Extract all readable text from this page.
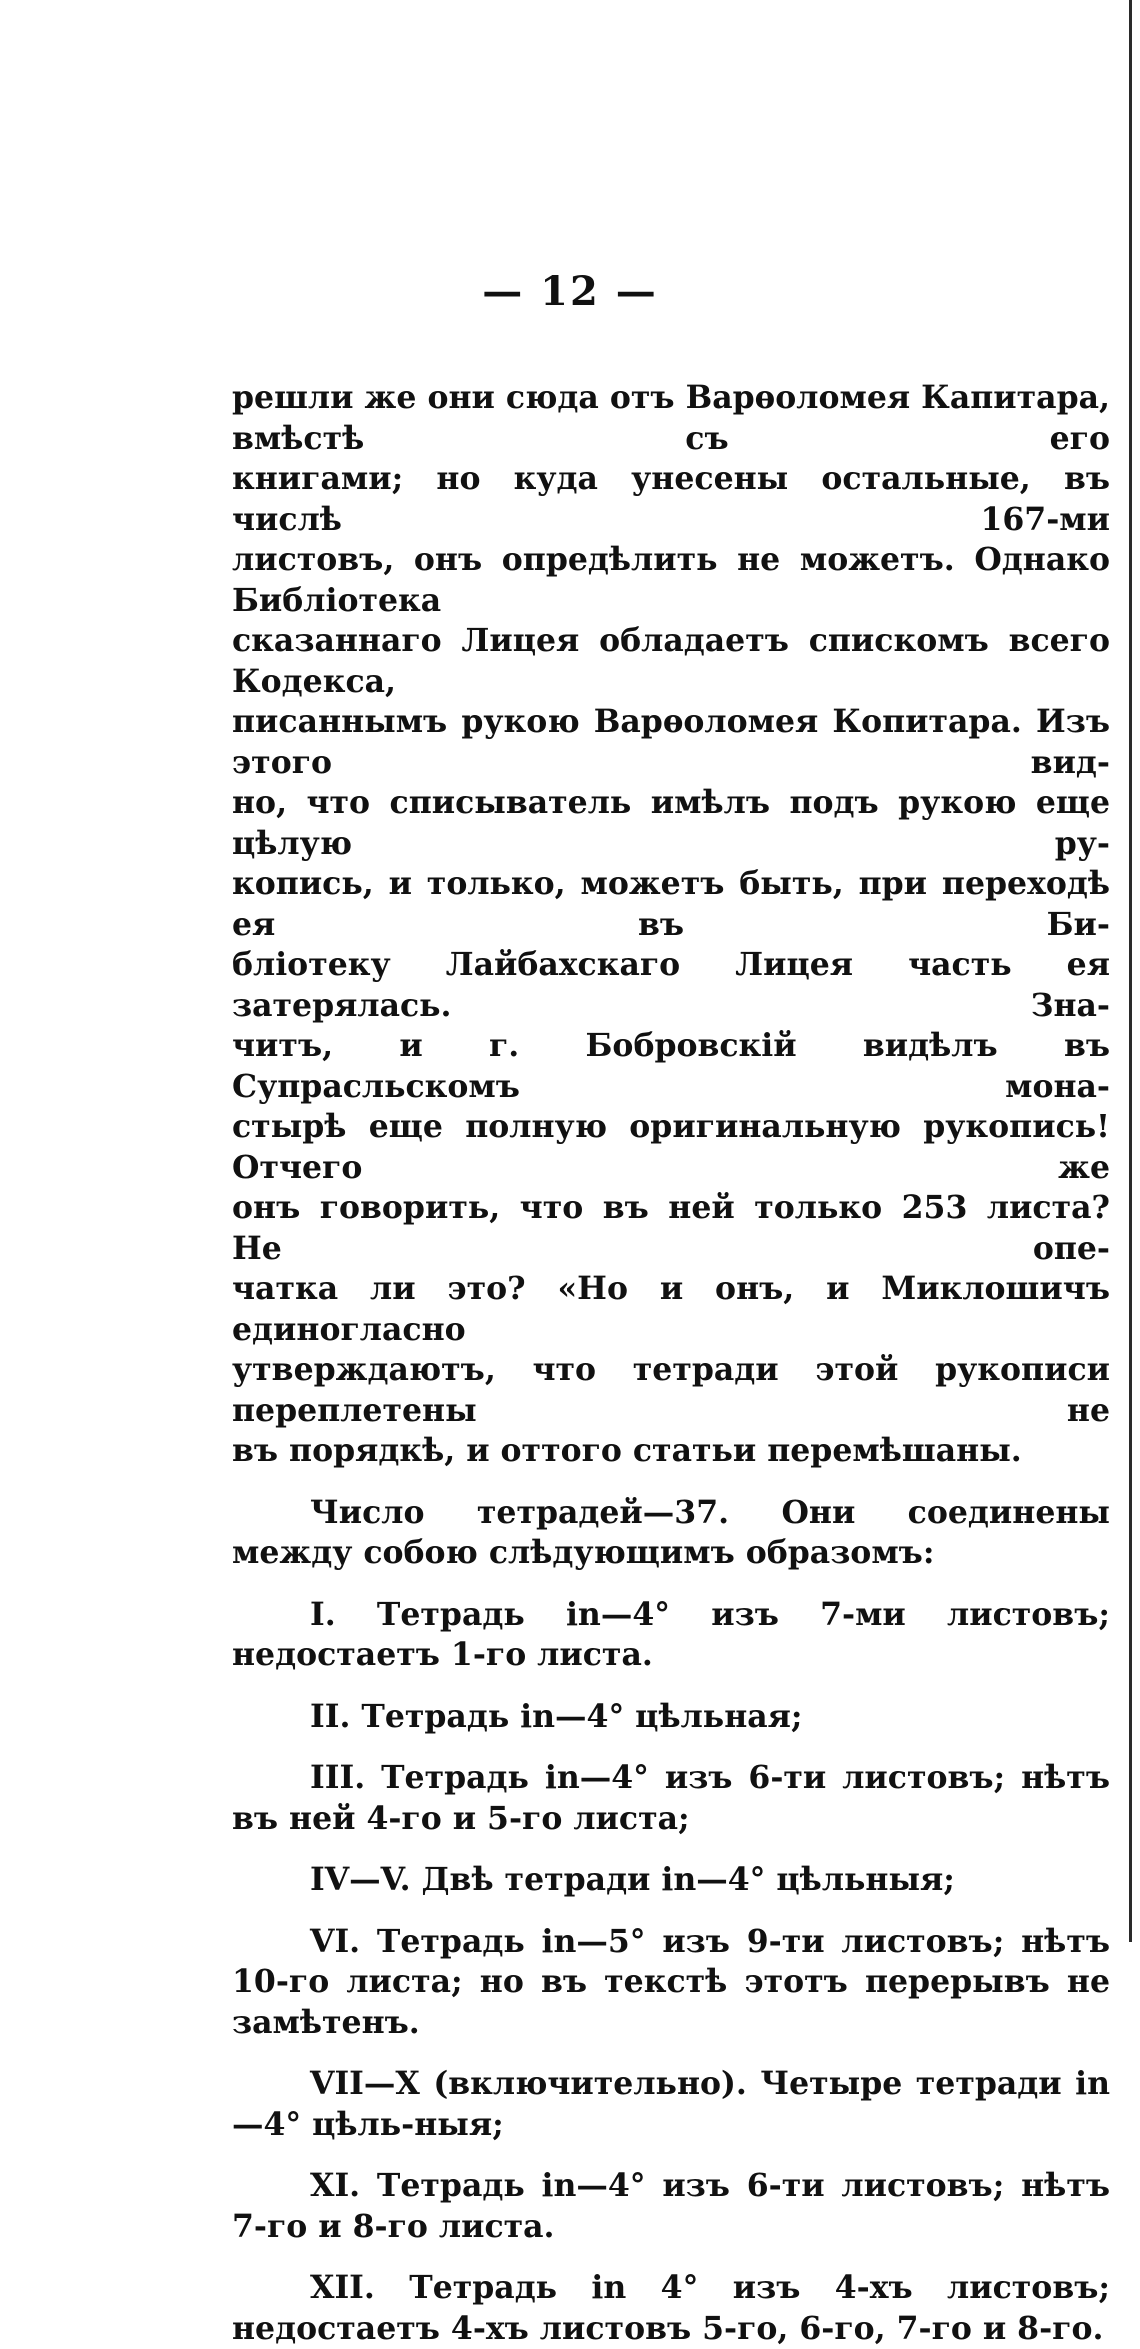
— 12 —

решли же они сюда отъ Варѳоломея Капитара, вмѣстѣ съ его
книгами; но куда унесены остальные, въ числѣ 167-ми
листовъ, онъ опредѣлить не можетъ. Однако Библіотека
сказаннаго Лицея обладаетъ спискомъ всего Кодекса,
писаннымъ рукою Варѳоломея Копитара. Изъ этого вид-
но, что списыватель имѣлъ подъ рукою еще цѣлую ру-
копись, и только, можетъ быть, при переходѣ ея въ Би-
бліотеку Лайбахскаго Лицея часть ея затерялась. Зна-
читъ, и г. Бобровскій видѣлъ въ Супрасльскомъ мона-
стырѣ еще полную оригинальную рукопись! Отчего же
онъ говорить, что въ ней только 253 листа? Не опе-
чатка ли это? «Но и онъ, и Миклошичъ единогласно
утверждаютъ, что тетради этой рукописи переплетены не
въ порядкѣ, и оттого статьи перемѣшаны.

Число тетрадей—37. Они соединены между собою слѣдующимъ образомъ:

I. Тетрадь in—4° изъ 7-ми листовъ; недостаетъ 1-го листа.

II. Тетрадь in—4° цѣльная;

III. Тетрадь in—4° изъ 6-ти листовъ; нѣтъ въ ней 4-го и 5-го листа;

IV—V. Двѣ тетради in—4° цѣльныя;

VI. Тетрадь in—5° изъ 9-ти листовъ; нѣтъ 10-го листа; но въ текстѣ этотъ перерывъ не замѣтенъ.

VII—X (включительно). Четыре тетради in—4° цѣль-ныя;

XI. Тетрадь in—4° изъ 6-ти листовъ; нѣтъ 7-го и 8-го листа.

XII. Тетрадь in 4° изъ 4-хъ листовъ; недостаетъ 4-хъ листовъ 5-го, 6-го, 7-го и 8-го.
